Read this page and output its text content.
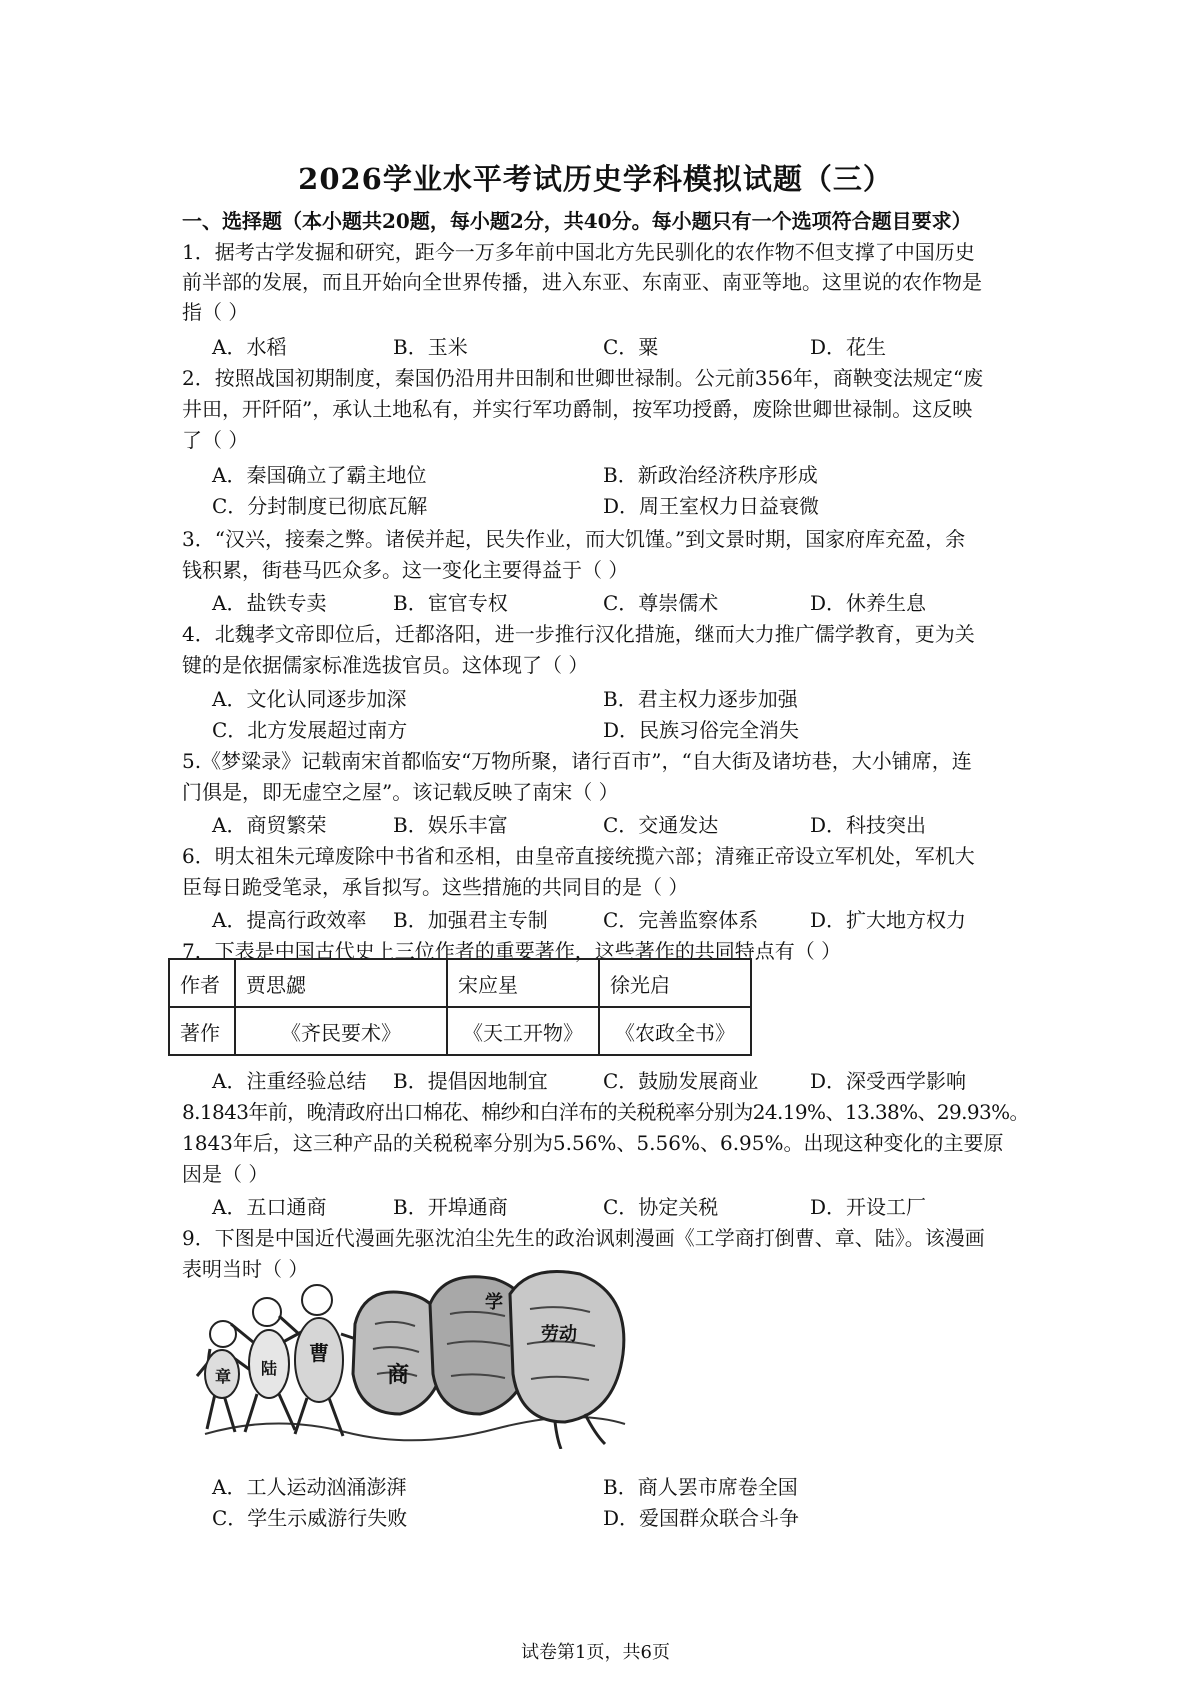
2026学业水平考试历史学科模拟试题（三）
一、选择题（本小题共20题，每小题2分，共40分。每小题只有一个选项符合题目要求）
1．据考古学发掘和研究，距今一万多年前中国北方先民驯化的农作物不但支撑了中国历史
前半部的发展，而且开始向全世界传播，进入东亚、东南亚、南亚等地。这里说的农作物是
指（ ）
A．水稻	B．玉米	C．粟	D．花生
2．按照战国初期制度，秦国仍沿用井田制和世卿世禄制。公元前356年，商鞅变法规定“废
井田，开阡陌”，承认土地私有，并实行军功爵制，按军功授爵，废除世卿世禄制。这反映
了（ ）
A．秦国确立了霸主地位	B．新政治经济秩序形成
C．分封制度已彻底瓦解	D．周王室权力日益衰微
3．“汉兴，接秦之弊。诸侯并起，民失作业，而大饥馑。”到文景时期，国家府库充盈，余
钱积累，街巷马匹众多。这一变化主要得益于（ ）
A．盐铁专卖	B．宦官专权	C．尊崇儒术	D．休养生息
4．北魏孝文帝即位后，迁都洛阳，进一步推行汉化措施，继而大力推广儒学教育，更为关
键的是依据儒家标准选拔官员。这体现了（ ）
A．文化认同逐步加深	B．君主权力逐步加强
C．北方发展超过南方	D．民族习俗完全消失
5.《梦粱录》记载南宋首都临安“万物所聚，诸行百市”，“自大街及诸坊巷，大小铺席，连
门俱是，即无虚空之屋”。该记载反映了南宋（ ）
A．商贸繁荣	B．娱乐丰富	C．交通发达	D．科技突出
6．明太祖朱元璋废除中书省和丞相，由皇帝直接统揽六部；清雍正帝设立军机处，军机大
臣每日跪受笔录，承旨拟写。这些措施的共同目的是（ ）
A．提高行政效率 B．加强君主专制	C．完善监察体系	D．扩大地方权力
7．下表是中国古代史上三位作者的重要著作，这些著作的共同特点有（ ）
作者	贾思勰	宋应星	徐光启
著作	《齐民要术》	《天工开物》	《农政全书》
A．注重经验总结 B．提倡因地制宜	C．鼓励发展商业	D．深受西学影响
8.1843年前，晚清政府出口棉花、棉纱和白洋布的关税税率分别为24.19%、13.38%、29.93%。
1843年后，这三种产品的关税税率分别为5.56%、5.56%、6.95%。出现这种变化的主要原
因是（ ）
A．五口通商	B．开埠通商	C．协定关税	D．开设工厂
9．下图是中国近代漫画先驱沈泊尘先生的政治讽刺漫画《工学商打倒曹、章、陆》。该漫画
表明当时（ ）
章 陆
曹
商
学
劳动
A．工人运动汹涌澎湃	B．商人罢市席卷全国
C．学生示威游行失败	D．爱国群众联合斗争
试卷第1页，共6页
